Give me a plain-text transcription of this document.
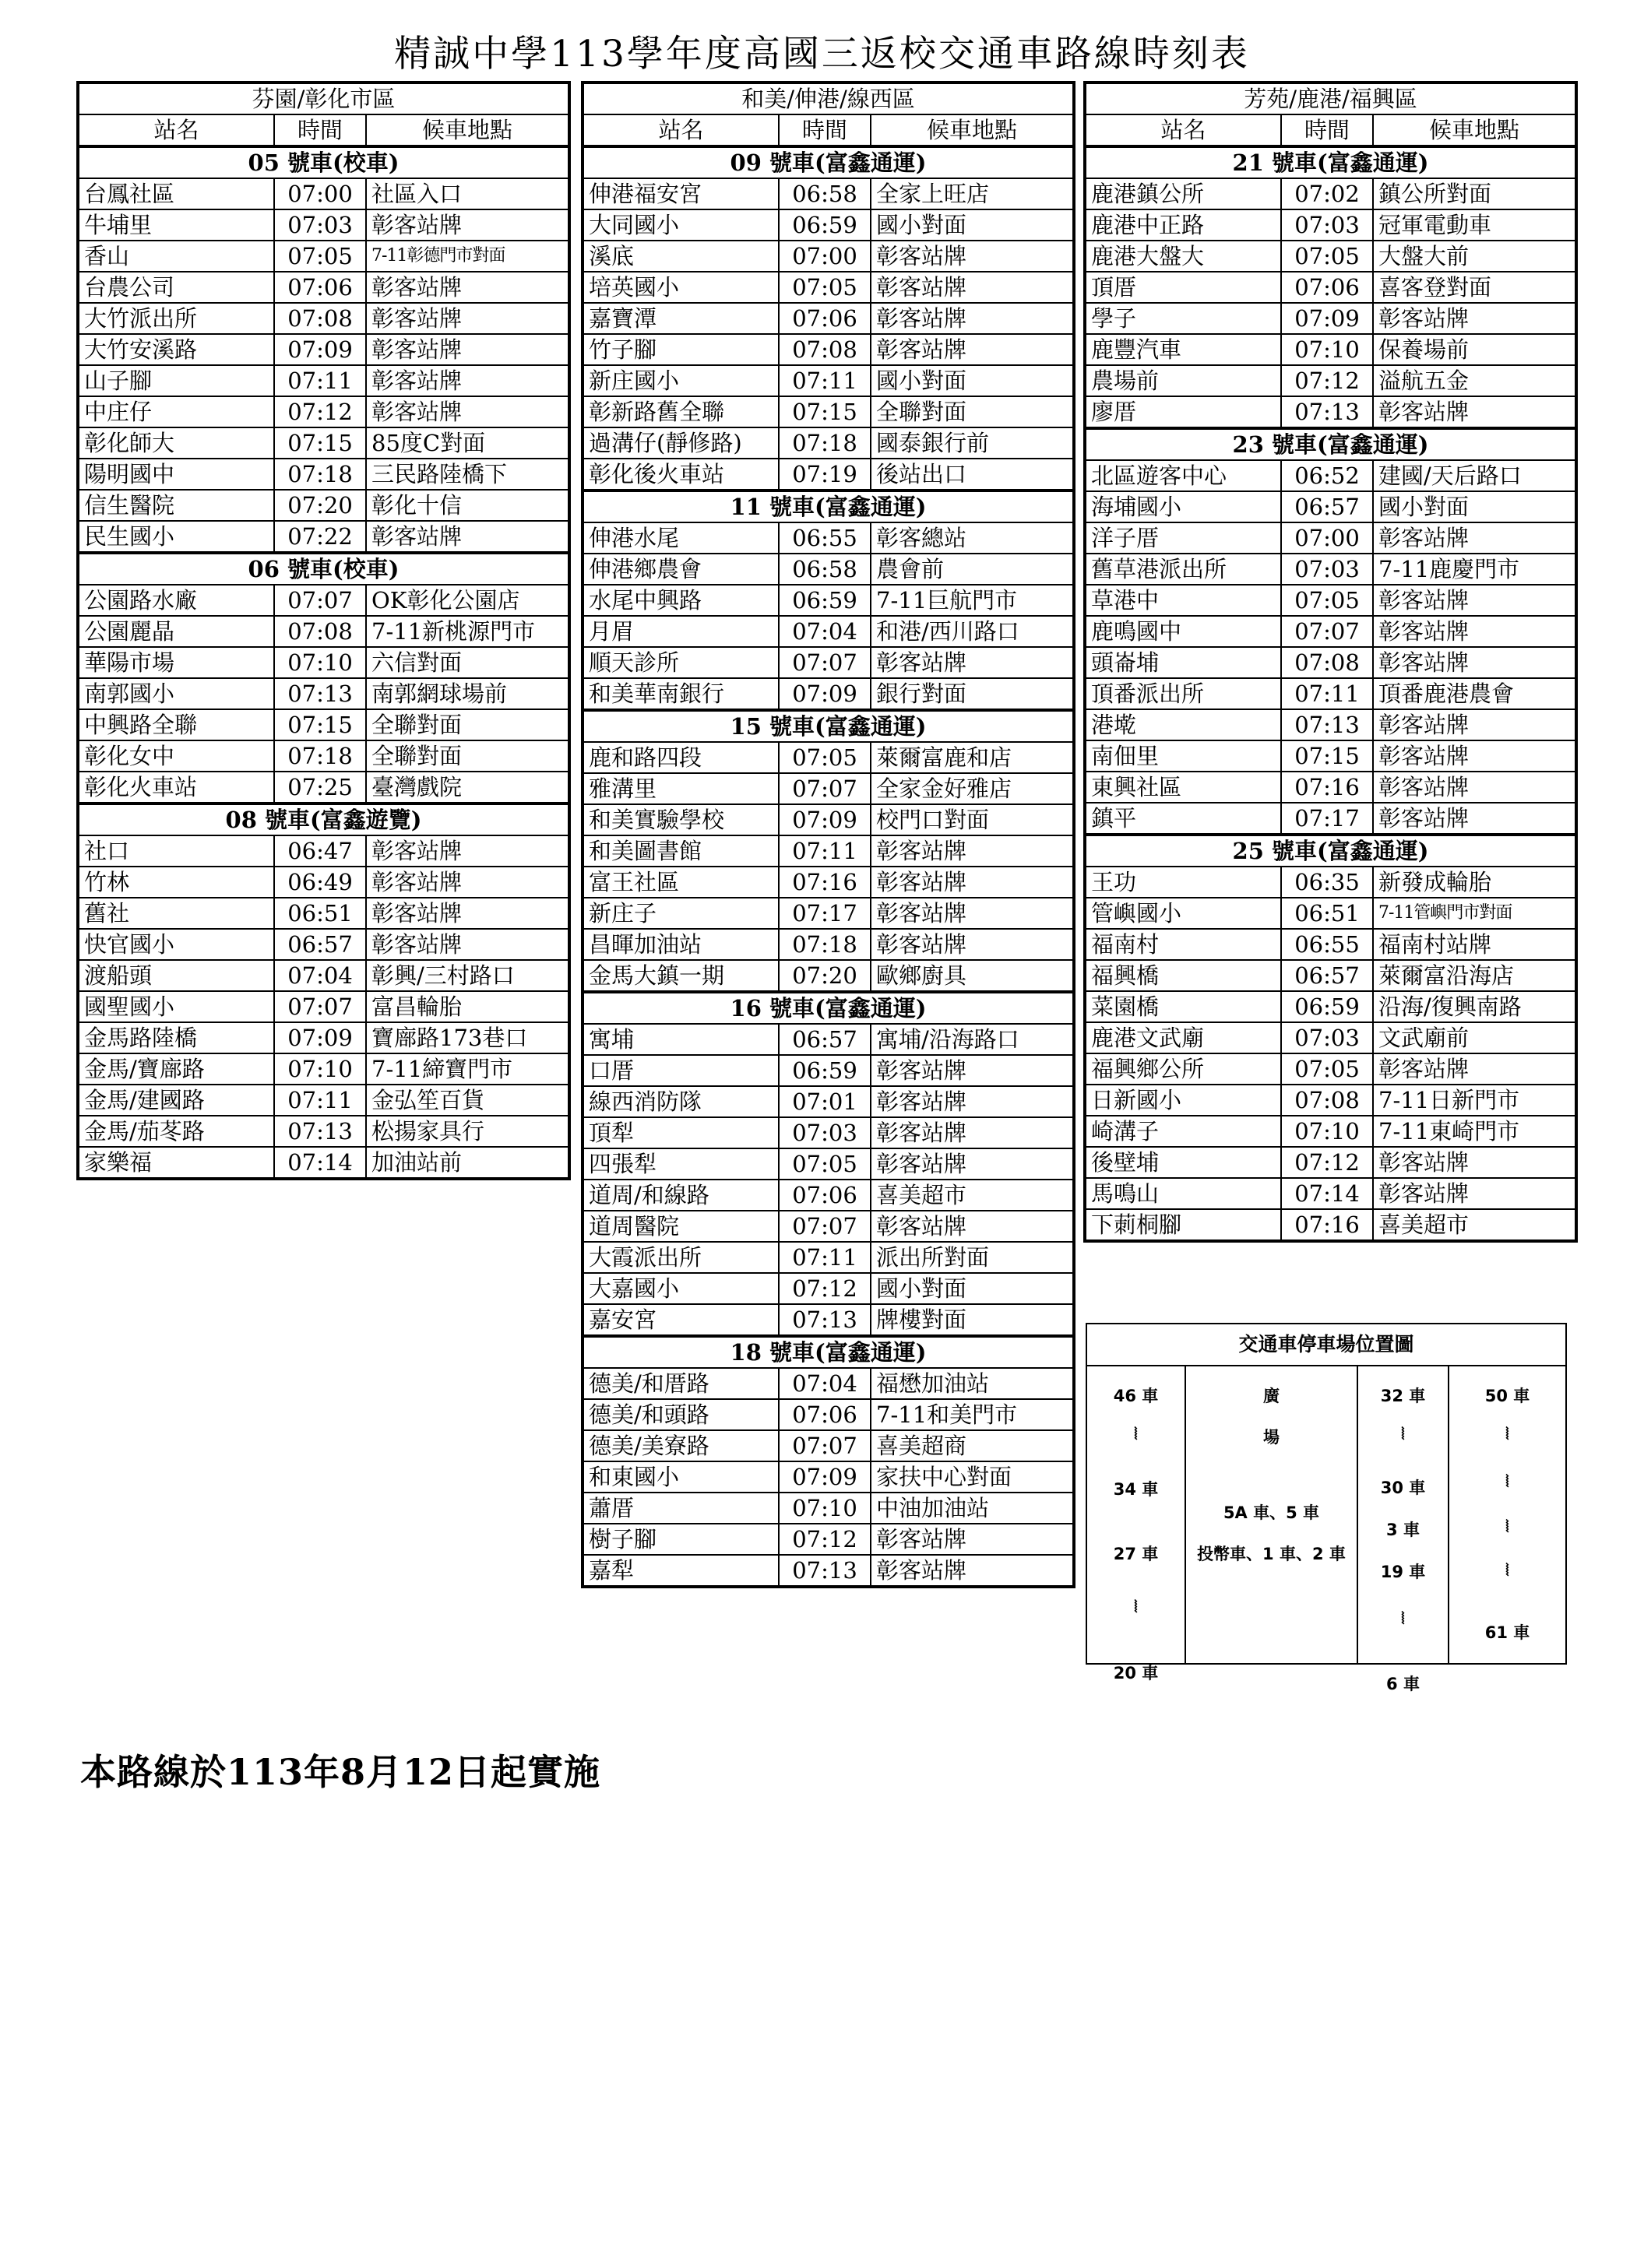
精誠中學113學年度高國三返校交通車路線時刻表
芬園/彰化市區		
站名	時間	候車地點
05 號車(校車)		
台鳳社區	07:00	社區入口
牛埔里	07:03	彰客站牌
香山	07:05	7-11彰德門市對面
台農公司	07:06	彰客站牌
大竹派出所	07:08	彰客站牌
大竹安溪路	07:09	彰客站牌
山子腳	07:11	彰客站牌
中庄仔	07:12	彰客站牌
彰化師大	07:15	85度C對面
陽明國中	07:18	三民路陸橋下
信生醫院	07:20	彰化十信
民生國小	07:22	彰客站牌
06 號車(校車)		
公園路水廠	07:07	OK彰化公園店
公園麗晶	07:08	7-11新桃源門市
華陽市場	07:10	六信對面
南郭國小	07:13	南郭網球場前
中興路全聯	07:15	全聯對面
彰化女中	07:18	全聯對面
彰化火車站	07:25	臺灣戲院
08 號車(富鑫遊覽)		
社口	06:47	彰客站牌
竹林	06:49	彰客站牌
舊社	06:51	彰客站牌
快官國小	06:57	彰客站牌
渡船頭	07:04	彰興/三村路口
國聖國小	07:07	富昌輪胎
金馬路陸橋	07:09	寶廍路173巷口
金馬/寶廍路	07:10	7-11締寶門市
金馬/建國路	07:11	金弘笙百貨
金馬/茄苳路	07:13	松揚家具行
家樂福	07:14	加油站前
和美/伸港/線西區		
站名	時間	候車地點
09 號車(富鑫通運)		
伸港福安宮	06:58	全家上旺店
大同國小	06:59	國小對面
溪底	07:00	彰客站牌
培英國小	07:05	彰客站牌
嘉寶潭	07:06	彰客站牌
竹子腳	07:08	彰客站牌
新庄國小	07:11	國小對面
彰新路舊全聯	07:15	全聯對面
過溝仔(靜修路)	07:18	國泰銀行前
彰化後火車站	07:19	後站出口
11 號車(富鑫通運)		
伸港水尾	06:55	彰客總站
伸港鄉農會	06:58	農會前
水尾中興路	06:59	7-11巨航門市
月眉	07:04	和港/西川路口
順天診所	07:07	彰客站牌
和美華南銀行	07:09	銀行對面
15 號車(富鑫通運)		
鹿和路四段	07:05	萊爾富鹿和店
雅溝里	07:07	全家金好雅店
和美實驗學校	07:09	校門口對面
和美圖書館	07:11	彰客站牌
富王社區	07:16	彰客站牌
新庄子	07:17	彰客站牌
昌暉加油站	07:18	彰客站牌
金馬大鎮一期	07:20	歐鄉廚具
16 號車(富鑫通運)		
寓埔	06:57	寓埔/沿海路口
口厝	06:59	彰客站牌
線西消防隊	07:01	彰客站牌
頂犁	07:03	彰客站牌
四張犁	07:05	彰客站牌
道周/和線路	07:06	喜美超市
道周醫院	07:07	彰客站牌
大霞派出所	07:11	派出所對面
大嘉國小	07:12	國小對面
嘉安宮	07:13	牌樓對面
18 號車(富鑫通運)		
德美/和厝路	07:04	福懋加油站
德美/和頭路	07:06	7-11和美門市
德美/美寮路	07:07	喜美超商
和東國小	07:09	家扶中心對面
蕭厝	07:10	中油加油站
樹子腳	07:12	彰客站牌
嘉犁	07:13	彰客站牌
芳苑/鹿港/福興區		
站名	時間	候車地點
21 號車(富鑫通運)		
鹿港鎮公所	07:02	鎮公所對面
鹿港中正路	07:03	冠軍電動車
鹿港大盤大	07:05	大盤大前
頂厝	07:06	喜客登對面
學子	07:09	彰客站牌
鹿豐汽車	07:10	保養場前
農場前	07:12	溢航五金
廖厝	07:13	彰客站牌
23 號車(富鑫通運)		
北區遊客中心	06:52	建國/天后路口
海埔國小	06:57	國小對面
洋子厝	07:00	彰客站牌
舊草港派出所	07:03	7-11鹿慶門市
草港中	07:05	彰客站牌
鹿鳴國中	07:07	彰客站牌
頭崙埔	07:08	彰客站牌
頂番派出所	07:11	頂番鹿港農會
港墘	07:13	彰客站牌
南佃里	07:15	彰客站牌
東興社區	07:16	彰客站牌
鎮平	07:17	彰客站牌
25 號車(富鑫通運)		
王功	06:35	新發成輪胎
管嶼國小	06:51	7-11管嶼門市對面
福南村	06:55	福南村站牌
福興橋	06:57	萊爾富沿海店
菜園橋	06:59	沿海/復興南路
鹿港文武廟	07:03	文武廟前
福興鄉公所	07:05	彰客站牌
日新國小	07:08	7-11日新門市
崎溝子	07:10	7-11東崎門市
後壁埔	07:12	彰客站牌
馬鳴山	07:14	彰客站牌
下莿桐腳	07:16	喜美超市
交通車停車場位置圖
46 車
⦚
34 車
27 車
⦚
20 車
廣
場
5A 車、5 車
投幣車、1 車、2 車
32 車
⦚
30 車
3 車
19 車
⦚
6 車
50 車
⦚
⦚
⦚
⦚
61 車
本路線於113年8月12日起實施
